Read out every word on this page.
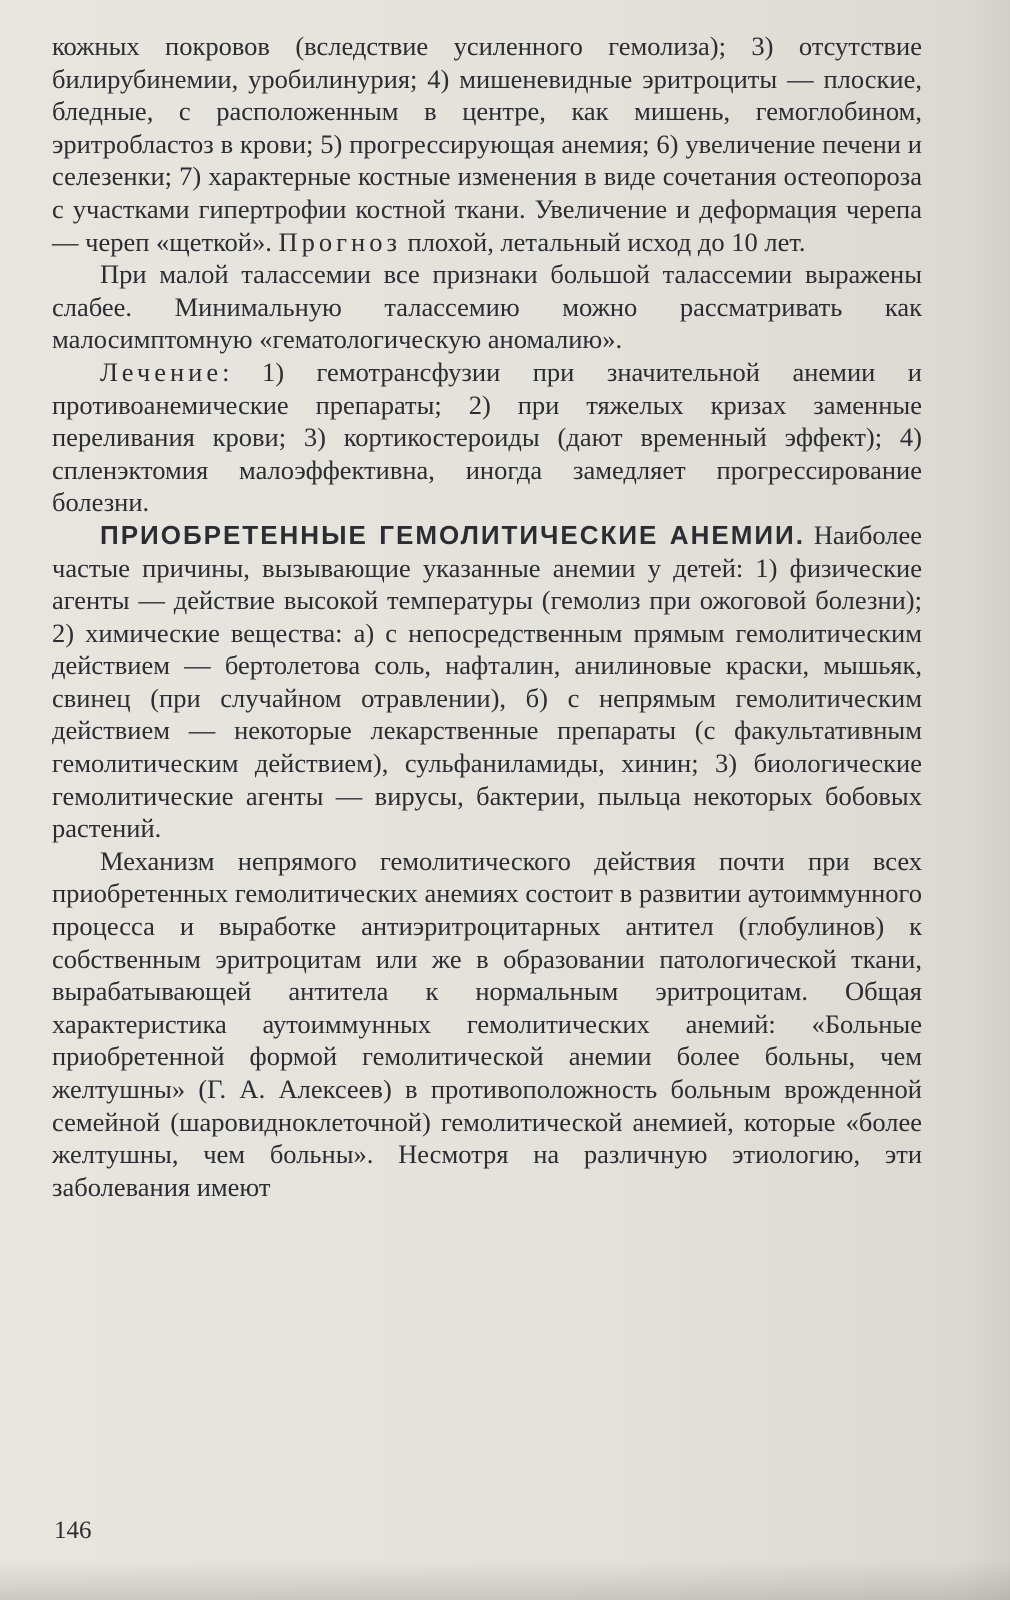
кожных покровов (вследствие усиленного гемолиза); 3) отсутствие билирубинемии, уробилинурия; 4) мишеневидные эритроциты — плоские, бледные, с расположенным в центре, как мишень, гемоглобином, эритробластоз в крови; 5) прогрессирующая анемия; 6) увеличение печени и селезенки; 7) характерные костные изменения в виде сочетания остеопороза с участками гипертрофии костной ткани. Увеличение и деформация черепа — череп «щеткой». Прогноз плохой, летальный исход до 10 лет.

При малой талассемии все признаки большой талассемии выражены слабее. Минимальную талассемию можно рассматривать как малосимптомную «гематологическую аномалию».

Лечение: 1) гемотрансфузии при значительной анемии и противоанемические препараты; 2) при тяжелых кризах заменные переливания крови; 3) кортикостероиды (дают временный эффект); 4) спленэктомия малоэффективна, иногда замедляет прогрессирование болезни.

ПРИОБРЕТЕННЫЕ ГЕМОЛИТИЧЕСКИЕ АНЕМИИ. Наиболее частые причины, вызывающие указанные анемии у детей: 1) физические агенты — действие высокой температуры (гемолиз при ожоговой болезни); 2) химические вещества: а) с непосредственным прямым гемолитическим действием — бертолетова соль, нафталин, анилиновые краски, мышьяк, свинец (при случайном отравлении), б) с непрямым гемолитическим действием — некоторые лекарственные препараты (с факультативным гемолитическим действием), сульфаниламиды, хинин; 3) биологические гемолитические агенты — вирусы, бактерии, пыльца некоторых бобовых растений.

Механизм непрямого гемолитического действия почти при всех приобретенных гемолитических анемиях состоит в развитии аутоиммунного процесса и выработке антиэритроцитарных антител (глобулинов) к собственным эритроцитам или же в образовании патологической ткани, вырабатывающей антитела к нормальным эритроцитам. Общая характеристика аутоиммунных гемолитических анемий: «Больные приобретенной формой гемолитической анемии более больны, чем желтушны» (Г. А. Алексеев) в противоположность больным врожденной семейной (шаровидноклеточной) гемолитической анемией, которые «более желтушны, чем больны». Несмотря на различную этиологию, эти заболевания имеют

146
